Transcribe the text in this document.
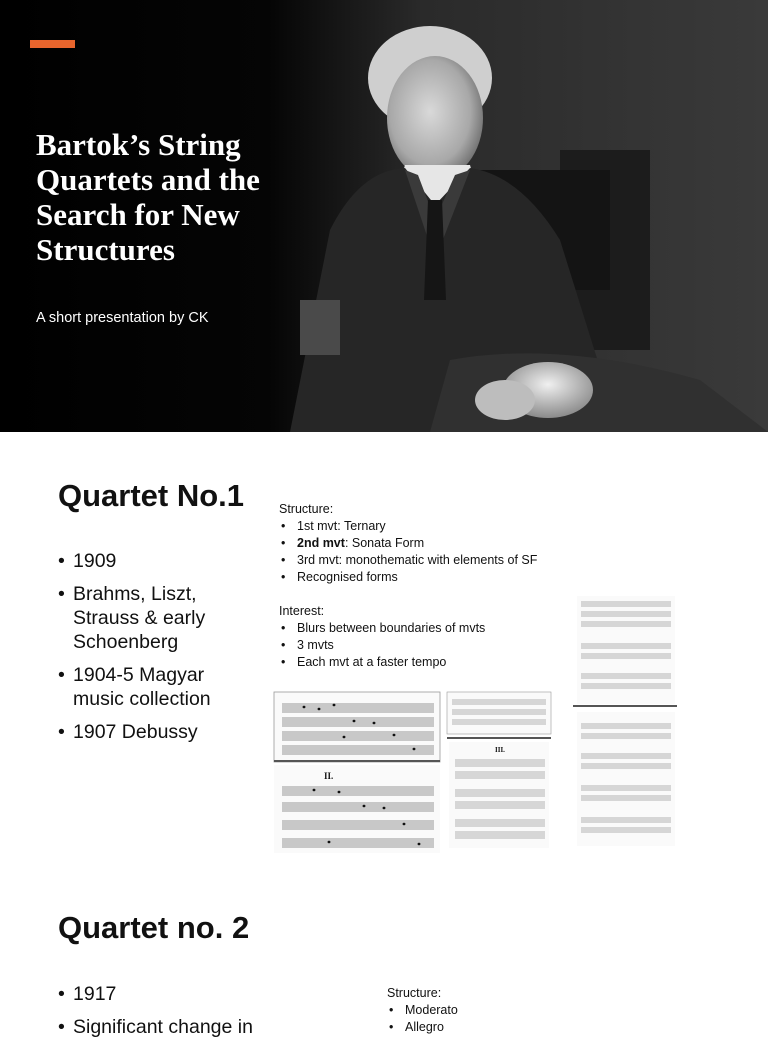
Bartok’s String Quartets and the Search for New Structures

A short presentation by CK

Quartet No.1
• 1909
• Brahms, Liszt, Strauss & early Schoenberg
• 1904-5 Magyar music collection
• 1907 Debussy
Structure:
• 1st mvt: Ternary
• 2nd mvt: Sonata Form
• 3rd mvt: monothematic with elements of SF
• Recognised forms
Interest:
• Blurs between boundaries of mvts
• 3 mvts
• Each mvt at a faster tempo
II.
III.
Quartet no. 2
• 1917
• Significant change in
Structure:
• Moderato
• Allegro
